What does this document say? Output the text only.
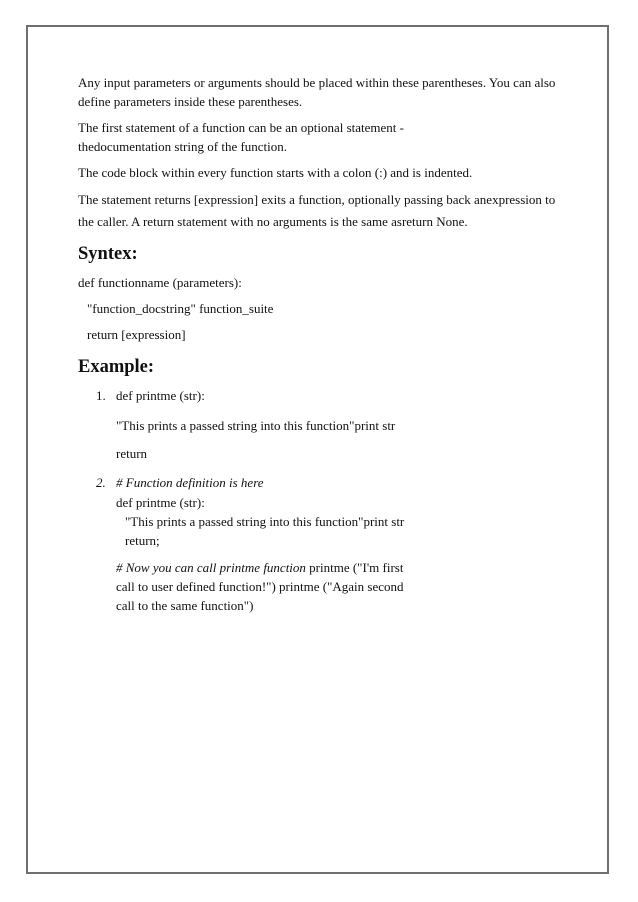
Any input parameters or arguments should be placed within these parentheses. You can also define parameters inside these parentheses.

The first statement of a function can be an optional statement - thedocumentation string of the function.

The code block within every function starts with a colon (:) and is indented.

The statement returns [expression] exits a function, optionally passing back anexpression to the caller. A return statement with no arguments is the same asreturn None.

Syntex:

def functionname (parameters):

"function_docstring" function_suite

return [expression]

Example:
1. def printme (str):

"This prints a passed string into this function"print str

return

2. # Function definition is here

def printme (str):

"This prints a passed string into this function"print str

return;

# Now you can call printme function printme ("I'm first call to user defined function!") printme ("Again second call to the same function")
